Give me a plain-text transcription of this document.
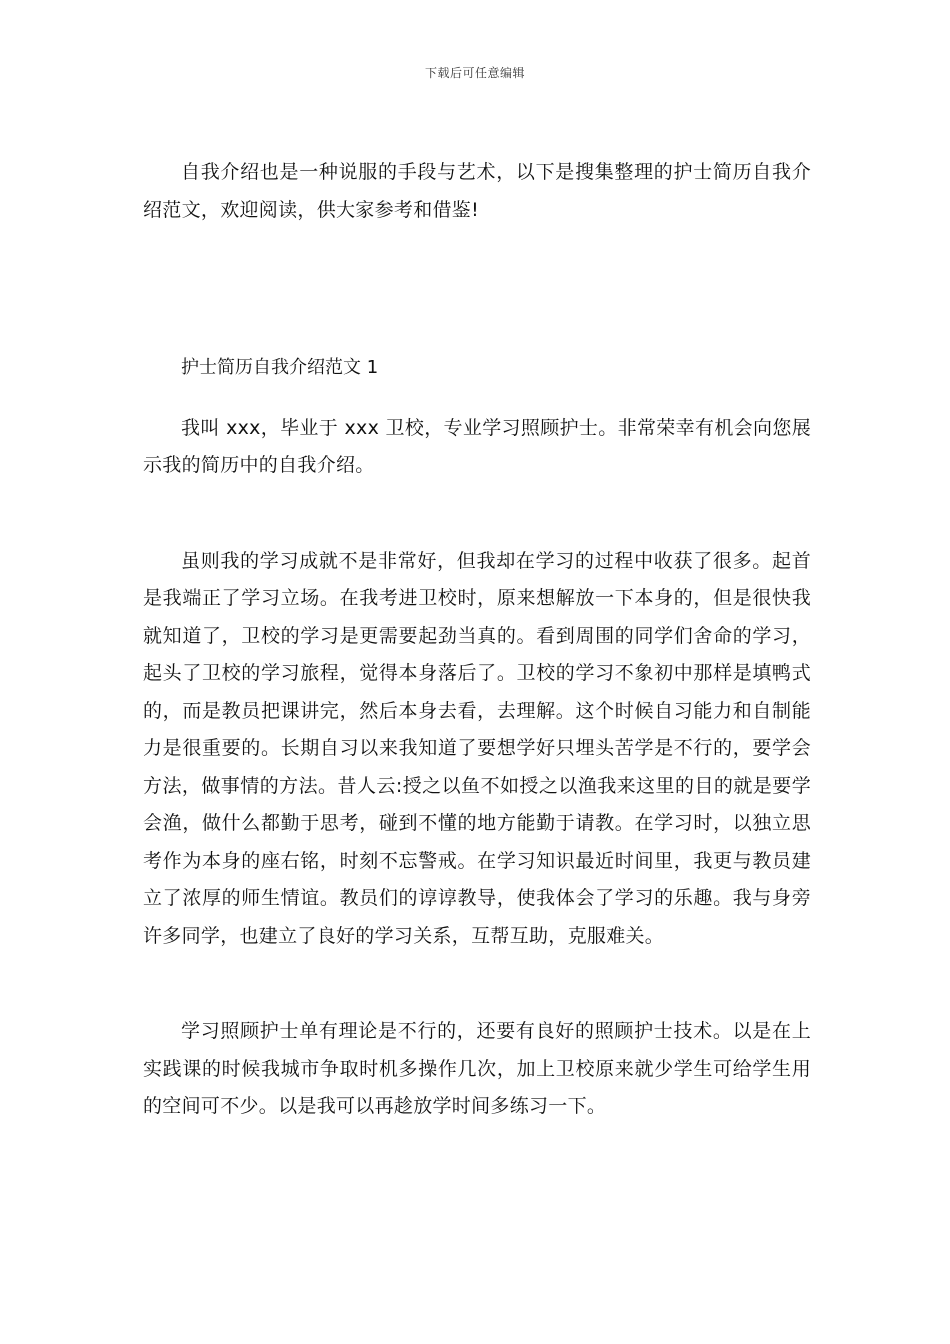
下载后可任意编辑

自我介绍也是一种说服的手段与艺术，以下是搜集整理的护士简历自我介绍范文，欢迎阅读，供大家参考和借鉴!

护士简历自我介绍范文 1

我叫 xxx，毕业于 xxx 卫校，专业学习照顾护士。非常荣幸有机会向您展示我的简历中的自我介绍。

虽则我的学习成就不是非常好，但我却在学习的过程中收获了很多。起首是我端正了学习立场。在我考进卫校时，原来想解放一下本身的，但是很快我就知道了，卫校的学习是更需要起劲当真的。看到周围的同学们舍命的学习，起头了卫校的学习旅程，觉得本身落后了。卫校的学习不象初中那样是填鸭式的，而是教员把课讲完，然后本身去看，去理解。这个时候自习能力和自制能力是很重要的。长期自习以来我知道了要想学好只埋头苦学是不行的，要学会方法，做事情的方法。昔人云:授之以鱼不如授之以渔我来这里的目的就是要学会渔，做什么都勤于思考，碰到不懂的地方能勤于请教。在学习时，以独立思考作为本身的座右铭，时刻不忘警戒。在学习知识最近时间里，我更与教员建立了浓厚的师生情谊。教员们的谆谆教导，使我体会了学习的乐趣。我与身旁许多同学，也建立了良好的学习关系，互帮互助，克服难关。

学习照顾护士单有理论是不行的，还要有良好的照顾护士技术。以是在上实践课的时候我城市争取时机多操作几次，加上卫校原来就少学生可给学生用的空间可不少。以是我可以再趁放学时间多练习一下。
